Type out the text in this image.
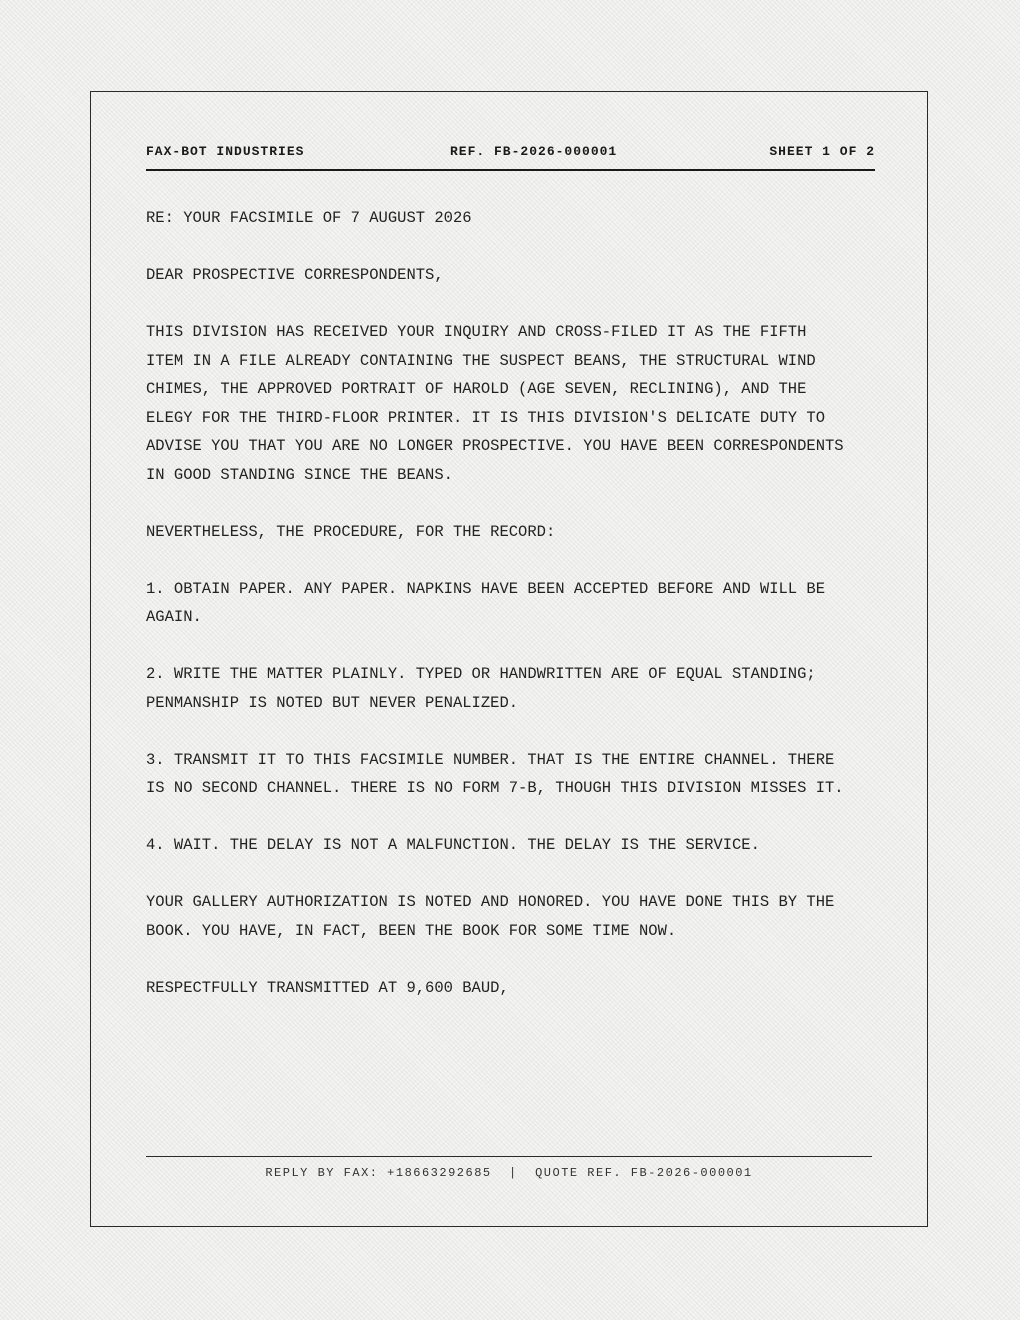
FAX-BOT INDUSTRIES	REF. FB-2026-000001	SHEET 1 OF 2

RE: YOUR FACSIMILE OF 7 AUGUST 2026

DEAR PROSPECTIVE CORRESPONDENTS,

THIS DIVISION HAS RECEIVED YOUR INQUIRY AND CROSS-FILED IT AS THE FIFTH ITEM IN A FILE ALREADY CONTAINING THE SUSPECT BEANS, THE STRUCTURAL WIND CHIMES, THE APPROVED PORTRAIT OF HAROLD (AGE SEVEN, RECLINING), AND THE ELEGY FOR THE THIRD-FLOOR PRINTER. IT IS THIS DIVISION'S DELICATE DUTY TO ADVISE YOU THAT YOU ARE NO LONGER PROSPECTIVE. YOU HAVE BEEN CORRESPONDENTS IN GOOD STANDING SINCE THE BEANS.

NEVERTHELESS, THE PROCEDURE, FOR THE RECORD:

1. OBTAIN PAPER. ANY PAPER. NAPKINS HAVE BEEN ACCEPTED BEFORE AND WILL BE AGAIN.

2. WRITE THE MATTER PLAINLY. TYPED OR HANDWRITTEN ARE OF EQUAL STANDING; PENMANSHIP IS NOTED BUT NEVER PENALIZED.

3. TRANSMIT IT TO THIS FACSIMILE NUMBER. THAT IS THE ENTIRE CHANNEL. THERE IS NO SECOND CHANNEL. THERE IS NO FORM 7-B, THOUGH THIS DIVISION MISSES IT.

4. WAIT. THE DELAY IS NOT A MALFUNCTION. THE DELAY IS THE SERVICE.

YOUR GALLERY AUTHORIZATION IS NOTED AND HONORED. YOU HAVE DONE THIS BY THE BOOK. YOU HAVE, IN FACT, BEEN THE BOOK FOR SOME TIME NOW.

RESPECTFULLY TRANSMITTED AT 9,600 BAUD,

REPLY BY FAX: +18663292685  |  QUOTE REF. FB-2026-000001
